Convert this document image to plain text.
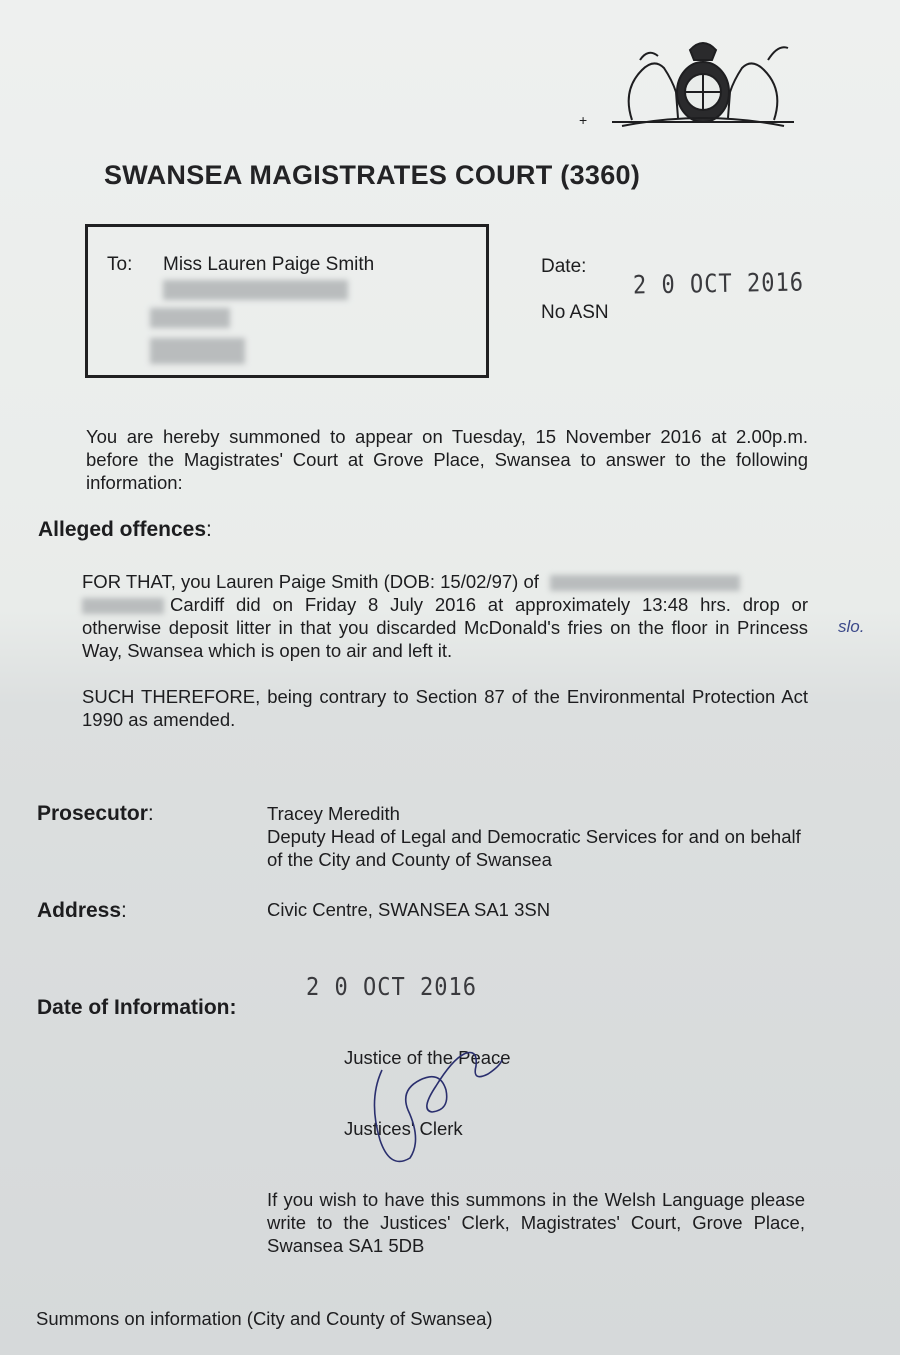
+
SWANSEA MAGISTRATES COURT (3360)
To: Miss Lauren Paige Smith	Date:
2 0 OCT 2016
No ASN
You are hereby summoned to appear on Tuesday, 15 November 2016 at 2.00p.m. before the Magistrates' Court at Grove Place, Swansea to answer to the following information:
Alleged offences:
FOR THAT, you Lauren Paige Smith (DOB: 15/02/97) of
Cardiff did on Friday 8 July 2016 at approximately 13:48 hrs. drop or otherwise deposit litter in that you discarded McDonald's fries on the floor in Princess Way, Swansea which is open to air and left it.
slo.
SUCH THEREFORE, being contrary to Section 87 of the Environmental Protection Act 1990 as amended.
Prosecutor:	Tracey Meredith
Deputy Head of Legal and Democratic Services for and on behalf of the City and County of Swansea
Address:	Civic Centre, SWANSEA SA1 3SN
Date of Information:
2 0 OCT 2016
Justice of the Peace
Justices' Clerk
If you wish to have this summons in the Welsh Language please write to the Justices' Clerk, Magistrates' Court, Grove Place, Swansea SA1 5DB
Summons on information (City and County of Swansea)
